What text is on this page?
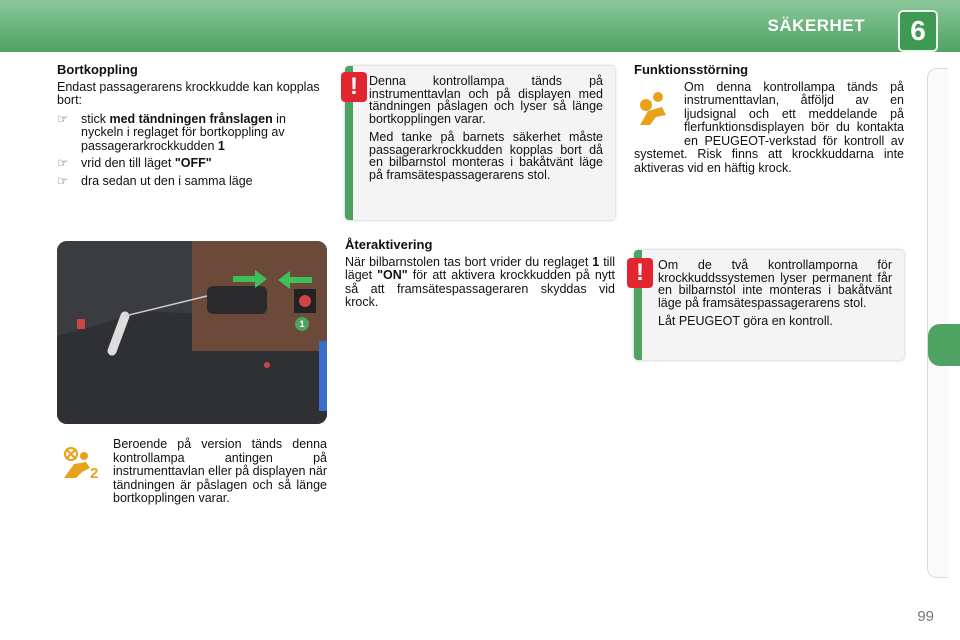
SÄKERHET	6
Bortkoppling

Endast passagerarens krockkudde kan kopplas bort:

☞ stick med tändningen frånslagen in nyckeln i reglaget för bortkoppling av passagerarkrockkudden 1
☞ vrid den till läget "OFF"
☞ dra sedan ut den i samma läge
1
2

Beroende på version tänds denna kontrollampa antingen på instrumenttavlan eller på displayen när tändningen är påslagen och så länge bortkopplingen varar.

Denna kontrollampa tänds på instrumenttavlan och på displayen med tändningen påslagen och lyser så länge bortkopplingen varar.

Med tanke på barnets säkerhet måste passagerarkrockkudden kopplas bort då en bilbarnstol monteras i bakåtvänt läge på framsätespassagerarens stol.

!
Återaktivering

När bilbarnstolen tas bort vrider du reglaget 1 till läget "ON" för att aktivera krockkudden på nytt så att framsätespassageraren skyddas vid krock.

Funktionsstörning

Om denna kontrollampa tänds på instrumenttavlan, åtföljd av en ljudsignal och ett meddelande på flerfunktionsdisplayen bör du kontakta en PEUGEOT-verkstad för kontroll av systemet. Risk finns att krockkuddarna inte aktiveras vid en häftig krock.

Om de två kontrollamporna för krockkuddssystemen lyser permanent får en bilbarnstol inte monteras i bakåtvänt läge på framsätespassagerarens stol.

Låt PEUGEOT göra en kontroll.

!
99
